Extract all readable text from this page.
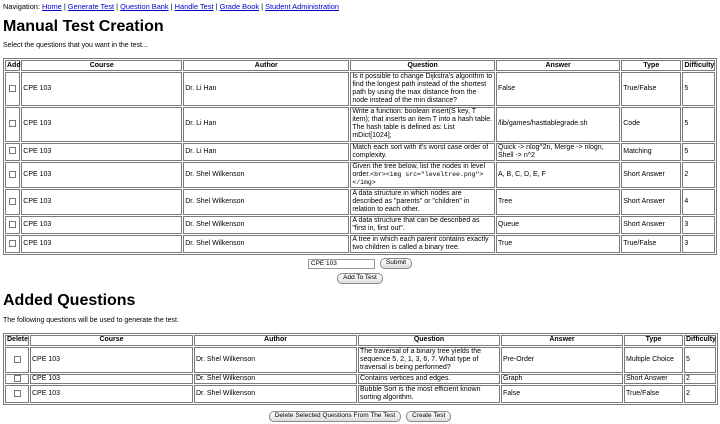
Navigation: Home | Generate Test | Question Bank | Handle Test | Grade Book | Student Administration
Manual Test Creation
Select the questions that you want in the test...
Add	Course	Author	Question	Answer	Type	Difficulty
	CPE 103	Dr. Li Han	Is it possible to change Dijkstra's algorithm to find the longest path instead of the shortest path by using the max distance from the node instead of the min distance?	False	True/False	5
	CPE 103	Dr. Li Han	Write a function: boolean insert(S key, T item); that inserts an item T into a hash table. The hash table is defined as: List mDict[1024];	/lib/games/hasttablegrade.sh	Code	5
	CPE 103	Dr. Li Han	Match each sort with it's worst case order of complexity.	Quick -> nlog^2n, Merge -> nlogn, Shell -> n^2	Matching	5
	CPE 103	Dr. Shel Wilkenson	Given the tree below, list the nodes in level order.<br><img src="leveltree.png"></img>	A, B, C, D, E, F	Short Answer	2
	CPE 103	Dr. Shel Wilkenson	A data structure in which nodes are described as "parents" or "children" in relation to each other.	Tree	Short Answer	4
	CPE 103	Dr. Shel Wilkenson	A data structure that can be described as "first in, first out".	Queue	Short Answer	3
	CPE 103	Dr. Shel Wilkenson	A tree in which each parent contains exactly two children is called a binary tree.	True	True/False	3
CPE 103	Submit
Add To Test
Added Questions
The following questions will be used to generate the test.
Delete	Course	Author	Question	Answer	Type	Difficulty
	CPE 103	Dr. Shel Wilkenson	The traversal of a binary tree yields the sequence 5, 2, 1, 3, 6, 7. What type of traversal is being performed?	Pre-Order	Multiple Choice	5
	CPE 103	Dr. Shel Wilkenson	Contains vertices and edges.	Graph	Short Answer	2
	CPE 103	Dr. Shel Wilkenson	Bubble Sort is the most efficient known sorting algorithm.	False	True/False	2
Delete Selected Questions From The Test	Create Test
